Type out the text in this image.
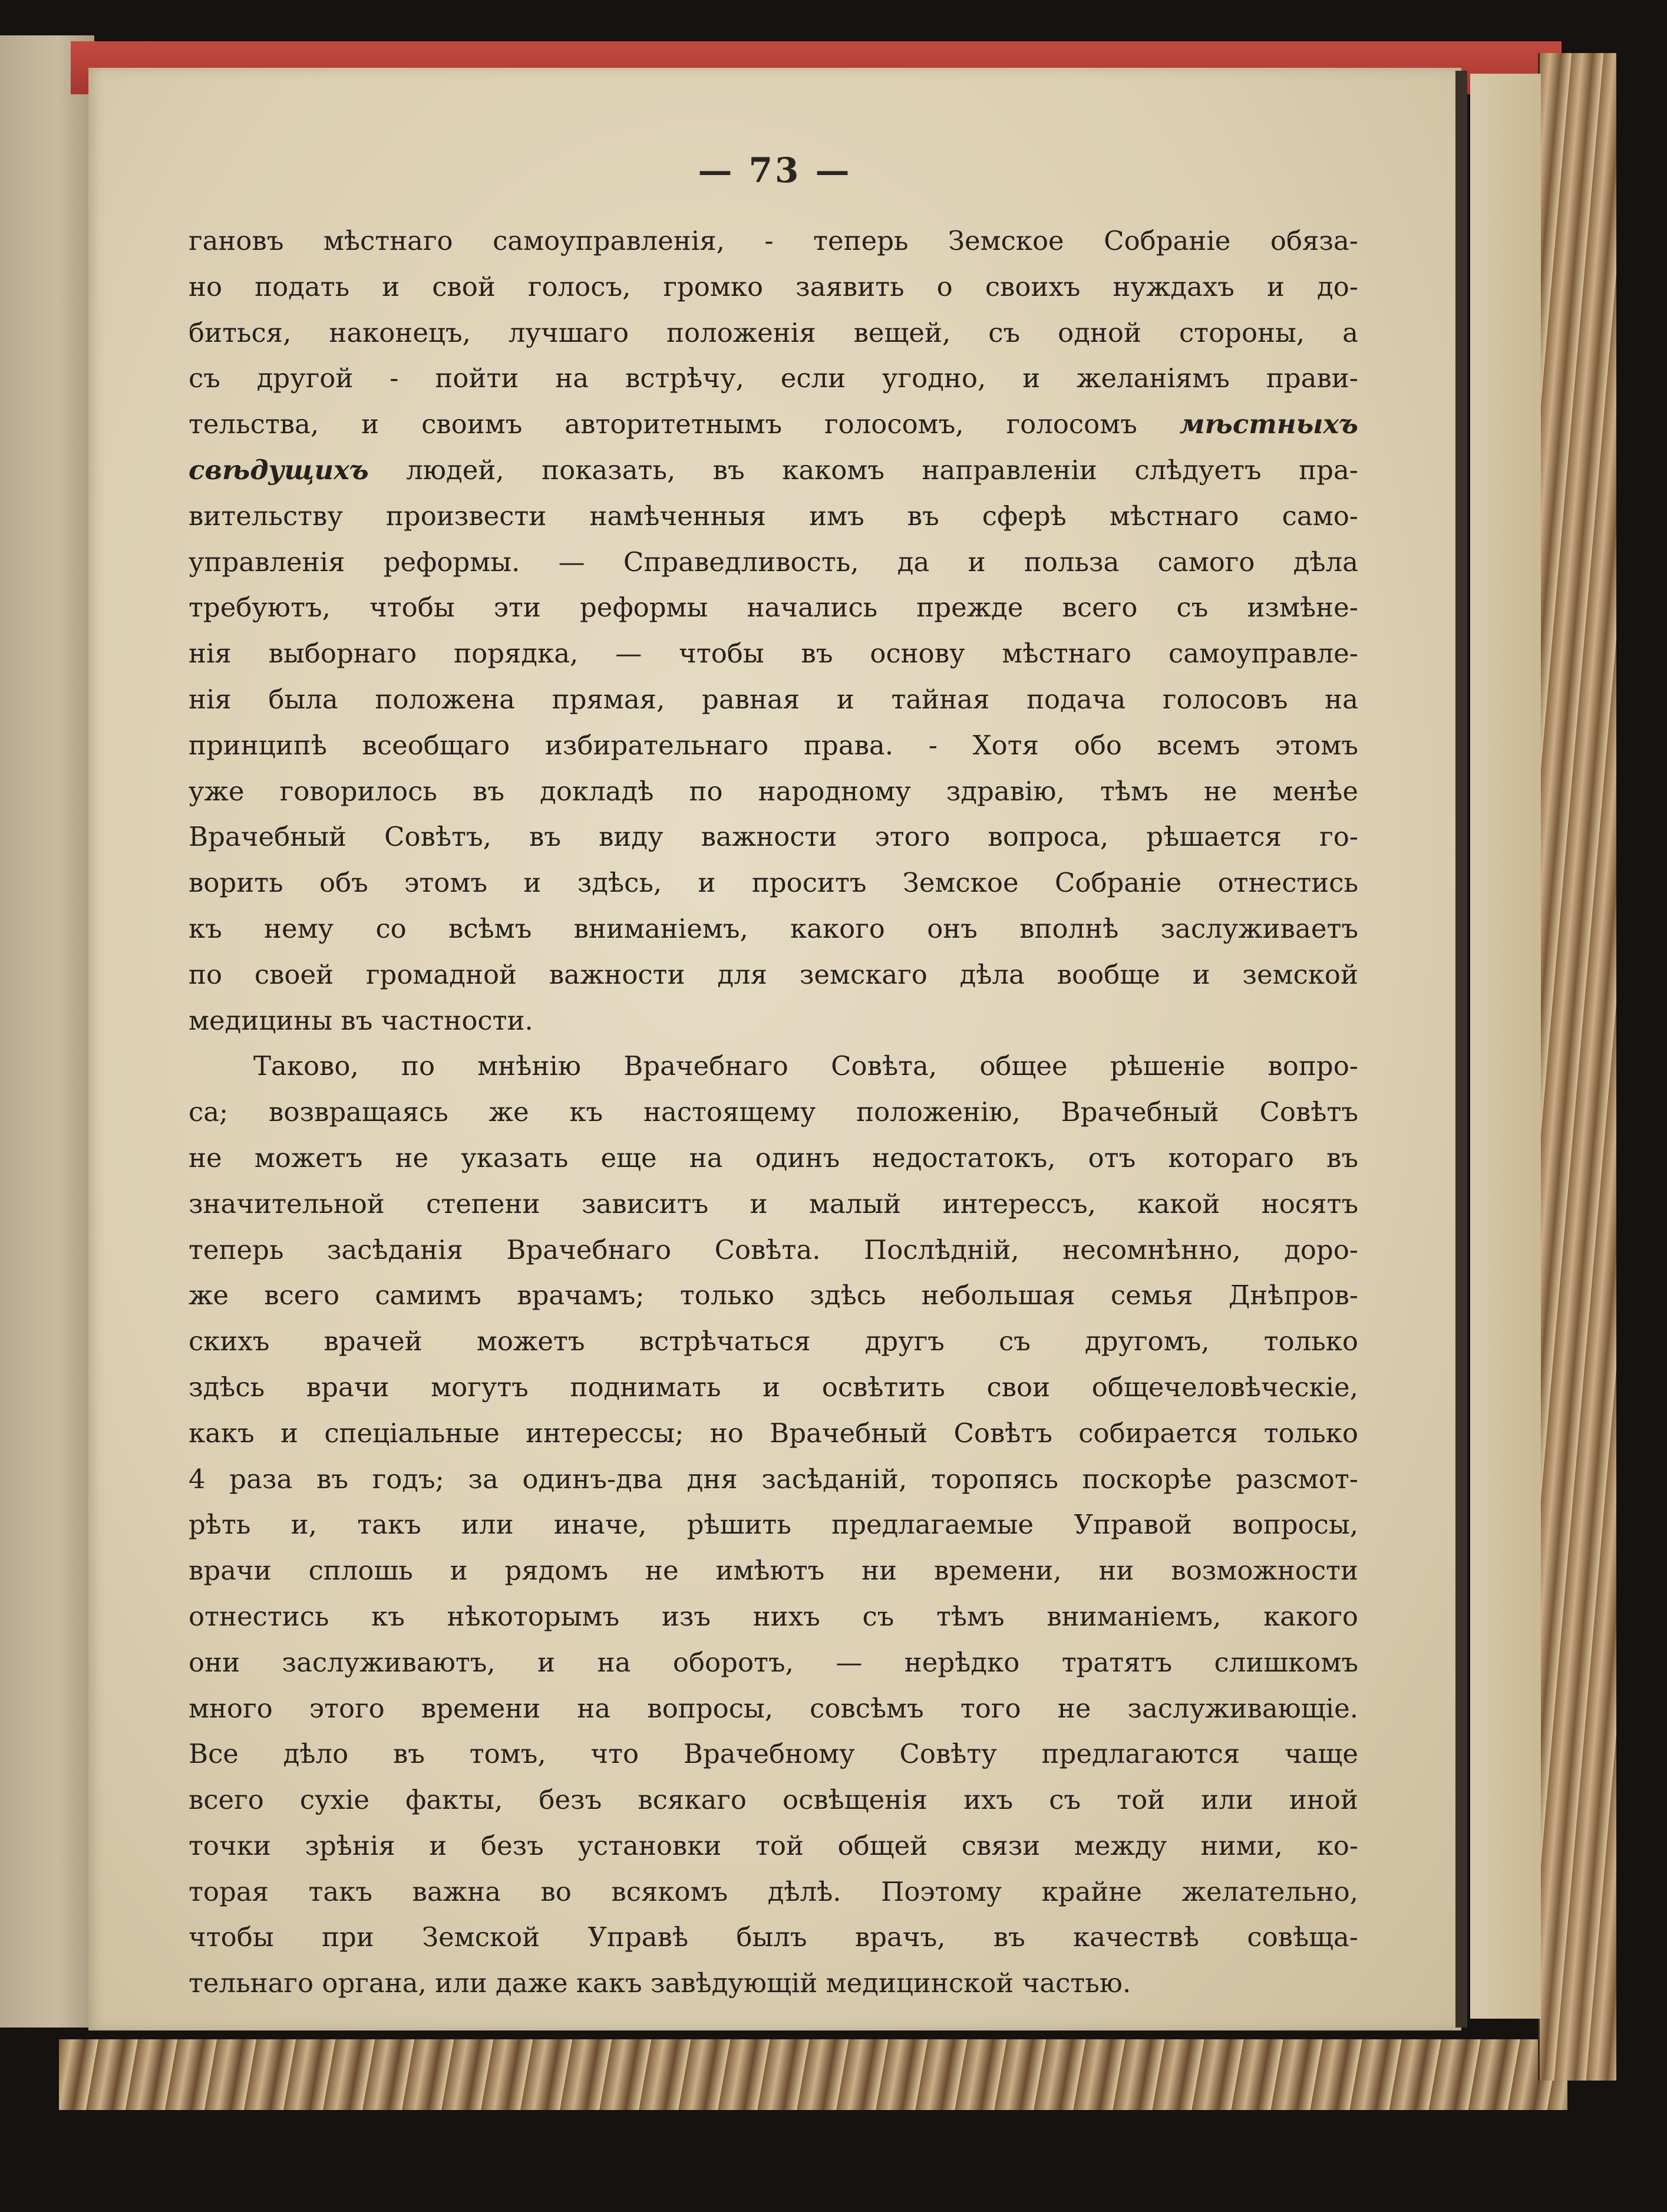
— 73 —
гановъ мѣстнаго самоуправленія, - теперь Земское Собраніе обяза-
но подать и свой голосъ, громко заявить о своихъ нуждахъ и до-
биться, наконецъ, лучшаго положенія вещей, съ одной стороны, а
съ другой - пойти на встрѣчу, если угодно, и желаніямъ прави-
тельства, и своимъ авторитетнымъ голосомъ, голосомъ мѣстныхъ
свѣдущихъ людей, показать, въ какомъ направленіи слѣдуетъ пра-
вительству произвести намѣченныя имъ въ сферѣ мѣстнаго само-
управленія реформы. — Справедливость, да и польза самого дѣла
требуютъ, чтобы эти реформы начались прежде всего съ измѣне-
нія выборнаго порядка, — чтобы въ основу мѣстнаго самоуправле-
нія была положена прямая, равная и тайная подача голосовъ на
принципѣ всеобщаго избирательнаго права. - Хотя обо всемъ этомъ
уже говорилось въ докладѣ по народному здравію, тѣмъ не менѣе
Врачебный Совѣтъ, въ виду важности этого вопроса, рѣшается го-
ворить объ этомъ и здѣсь, и проситъ Земское Собраніе отнестись
къ нему со всѣмъ вниманіемъ, какого онъ вполнѣ заслуживаетъ
по своей громадной важности для земскаго дѣла вообще и земской
медицины въ частности.
Таково, по мнѣнію Врачебнаго Совѣта, общее рѣшеніе вопро-
са; возвращаясь же къ настоящему положенію, Врачебный Совѣтъ
не можетъ не указать еще на одинъ недостатокъ, отъ котораго въ
значительной степени зависитъ и малый интерессъ, какой носятъ
теперь засѣданія Врачебнаго Совѣта. Послѣдній, несомнѣнно, доро-
же всего самимъ врачамъ; только здѣсь небольшая семья Днѣпров-
скихъ врачей можетъ встрѣчаться другъ съ другомъ, только
здѣсь врачи могутъ поднимать и освѣтить свои общечеловѣческіе,
какъ и спеціальные интерессы; но Врачебный Совѣтъ собирается только
4 раза въ годъ; за одинъ-два дня засѣданій, торопясь поскорѣе разсмот-
рѣть и, такъ или иначе, рѣшить предлагаемые Управой вопросы,
врачи сплошь и рядомъ не имѣютъ ни времени, ни возможности
отнестись къ нѣкоторымъ изъ нихъ съ тѣмъ вниманіемъ, какого
они заслуживаютъ, и на оборотъ, — нерѣдко тратятъ слишкомъ
много этого времени на вопросы, совсѣмъ того не заслуживающіе.
Все дѣло въ томъ, что Врачебному Совѣту предлагаются чаще
всего сухіе факты, безъ всякаго освѣщенія ихъ съ той или иной
точки зрѣнія и безъ установки той общей связи между ними, ко-
торая такъ важна во всякомъ дѣлѣ. Поэтому крайне желательно,
чтобы при Земской Управѣ былъ врачъ, въ качествѣ совѣща-
тельнаго органа, или даже какъ завѣдующій медицинской частью.
